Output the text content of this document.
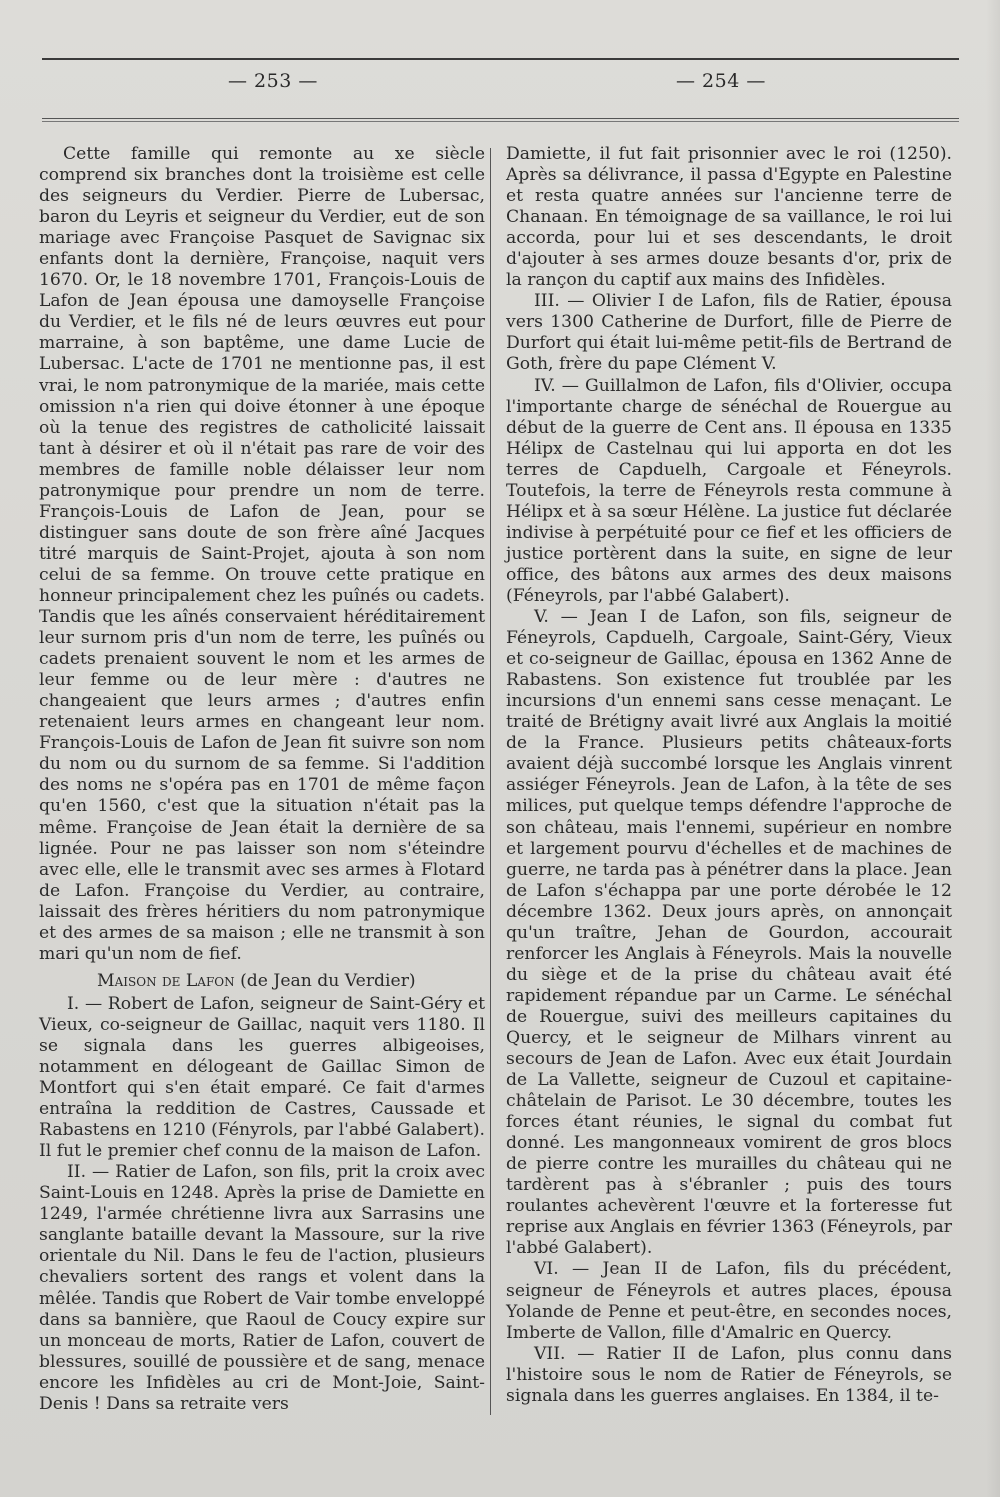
— 253 —	— 254 —

Cette famille qui remonte au xe siècle comprend six branches dont la troisième est celle des seigneurs du Verdier. Pierre de Lubersac, baron du Leyris et seigneur du Verdier, eut de son mariage avec Françoise Pasquet de Savignac six enfants dont la dernière, Françoise, naquit vers 1670. Or, le 18 novembre 1701, François-Louis de Lafon de Jean épousa une damoyselle Françoise du Verdier, et le fils né de leurs œuvres eut pour marraine, à son baptême, une dame Lucie de Lubersac. L'acte de 1701 ne mentionne pas, il est vrai, le nom patronymique de la mariée, mais cette omission n'a rien qui doive étonner à une époque où la tenue des registres de catholicité laissait tant à désirer et où il n'était pas rare de voir des membres de famille noble délaisser leur nom patronymique pour prendre un nom de terre. François-Louis de Lafon de Jean, pour se distinguer sans doute de son frère aîné Jacques titré marquis de Saint-Projet, ajouta à son nom celui de sa femme. On trouve cette pratique en honneur principalement chez les puînés ou cadets. Tandis que les aînés conservaient héréditairement leur surnom pris d'un nom de terre, les puînés ou cadets prenaient souvent le nom et les armes de leur femme ou de leur mère : d'autres ne changeaient que leurs armes ; d'autres enfin retenaient leurs armes en changeant leur nom. François-Louis de Lafon de Jean fit suivre son nom du nom ou du surnom de sa femme. Si l'addition des noms ne s'opéra pas en 1701 de même façon qu'en 1560, c'est que la situation n'était pas la même. Françoise de Jean était la dernière de sa lignée. Pour ne pas laisser son nom s'éteindre avec elle, elle le transmit avec ses armes à Flotard de Lafon. Françoise du Verdier, au contraire, laissait des frères héritiers du nom patronymique et des armes de sa maison ; elle ne transmit à son mari qu'un nom de fief.

Maison de Lafon (de Jean du Verdier)

I. — Robert de Lafon, seigneur de Saint-Géry et Vieux, co-seigneur de Gaillac, naquit vers 1180. Il se signala dans les guerres albigeoises, notamment en délogeant de Gaillac Simon de Montfort qui s'en était emparé. Ce fait d'armes entraîna la reddition de Castres, Caussade et Rabastens en 1210 (Fényrols, par l'abbé Galabert). Il fut le premier chef connu de la maison de Lafon.

II. — Ratier de Lafon, son fils, prit la croix avec Saint-Louis en 1248. Après la prise de Damiette en 1249, l'armée chrétienne livra aux Sarrasins une sanglante bataille devant la Massoure, sur la rive orientale du Nil. Dans le feu de l'action, plusieurs chevaliers sortent des rangs et volent dans la mêlée. Tandis que Robert de Vair tombe enveloppé dans sa bannière, que Raoul de Coucy expire sur un monceau de morts, Ratier de Lafon, couvert de blessures, souillé de poussière et de sang, menace encore les Infidèles au cri de Mont-Joie, Saint-Denis ! Dans sa retraite vers

Damiette, il fut fait prisonnier avec le roi (1250). Après sa délivrance, il passa d'Egypte en Palestine et resta quatre années sur l'ancienne terre de Chanaan. En témoignage de sa vaillance, le roi lui accorda, pour lui et ses descendants, le droit d'ajouter à ses armes douze besants d'or, prix de la rançon du captif aux mains des Infidèles.

III. — Olivier I de Lafon, fils de Ratier, épousa vers 1300 Catherine de Durfort, fille de Pierre de Durfort qui était lui-même petit-fils de Bertrand de Goth, frère du pape Clément V.

IV. — Guillalmon de Lafon, fils d'Olivier, occupa l'importante charge de sénéchal de Rouergue au début de la guerre de Cent ans. Il épousa en 1335 Hélipx de Castelnau qui lui apporta en dot les terres de Capduelh, Cargoale et Féneyrols. Toutefois, la terre de Féneyrols resta commune à Hélipx et à sa sœur Hélène. La justice fut déclarée indivise à perpétuité pour ce fief et les officiers de justice portèrent dans la suite, en signe de leur office, des bâtons aux armes des deux maisons (Féneyrols, par l'abbé Galabert).

V. — Jean I de Lafon, son fils, seigneur de Féneyrols, Capduelh, Cargoale, Saint-Géry, Vieux et co-seigneur de Gaillac, épousa en 1362 Anne de Rabastens. Son existence fut troublée par les incursions d'un ennemi sans cesse menaçant. Le traité de Brétigny avait livré aux Anglais la moitié de la France. Plusieurs petits châteaux-forts avaient déjà succombé lorsque les Anglais vinrent assiéger Féneyrols. Jean de Lafon, à la tête de ses milices, put quelque temps défendre l'approche de son château, mais l'ennemi, supérieur en nombre et largement pourvu d'échelles et de machines de guerre, ne tarda pas à pénétrer dans la place. Jean de Lafon s'échappa par une porte dérobée le 12 décembre 1362. Deux jours après, on annonçait qu'un traître, Jehan de Gourdon, accourait renforcer les Anglais à Féneyrols. Mais la nouvelle du siège et de la prise du château avait été rapidement répandue par un Carme. Le sénéchal de Rouergue, suivi des meilleurs capitaines du Quercy, et le seigneur de Milhars vinrent au secours de Jean de Lafon. Avec eux était Jourdain de La Vallette, seigneur de Cuzoul et capitaine-châtelain de Parisot. Le 30 décembre, toutes les forces étant réunies, le signal du combat fut donné. Les mangonneaux vomirent de gros blocs de pierre contre les murailles du château qui ne tardèrent pas à s'ébranler ; puis des tours roulantes achevèrent l'œuvre et la forteresse fut reprise aux Anglais en février 1363 (Féneyrols, par l'abbé Galabert).

VI. — Jean II de Lafon, fils du précédent, seigneur de Féneyrols et autres places, épousa Yolande de Penne et peut-être, en secondes noces, Imberte de Vallon, fille d'Amalric en Quercy.

VII. — Ratier II de Lafon, plus connu dans l'histoire sous le nom de Ratier de Féneyrols, se signala dans les guerres anglaises. En 1384, il te-
